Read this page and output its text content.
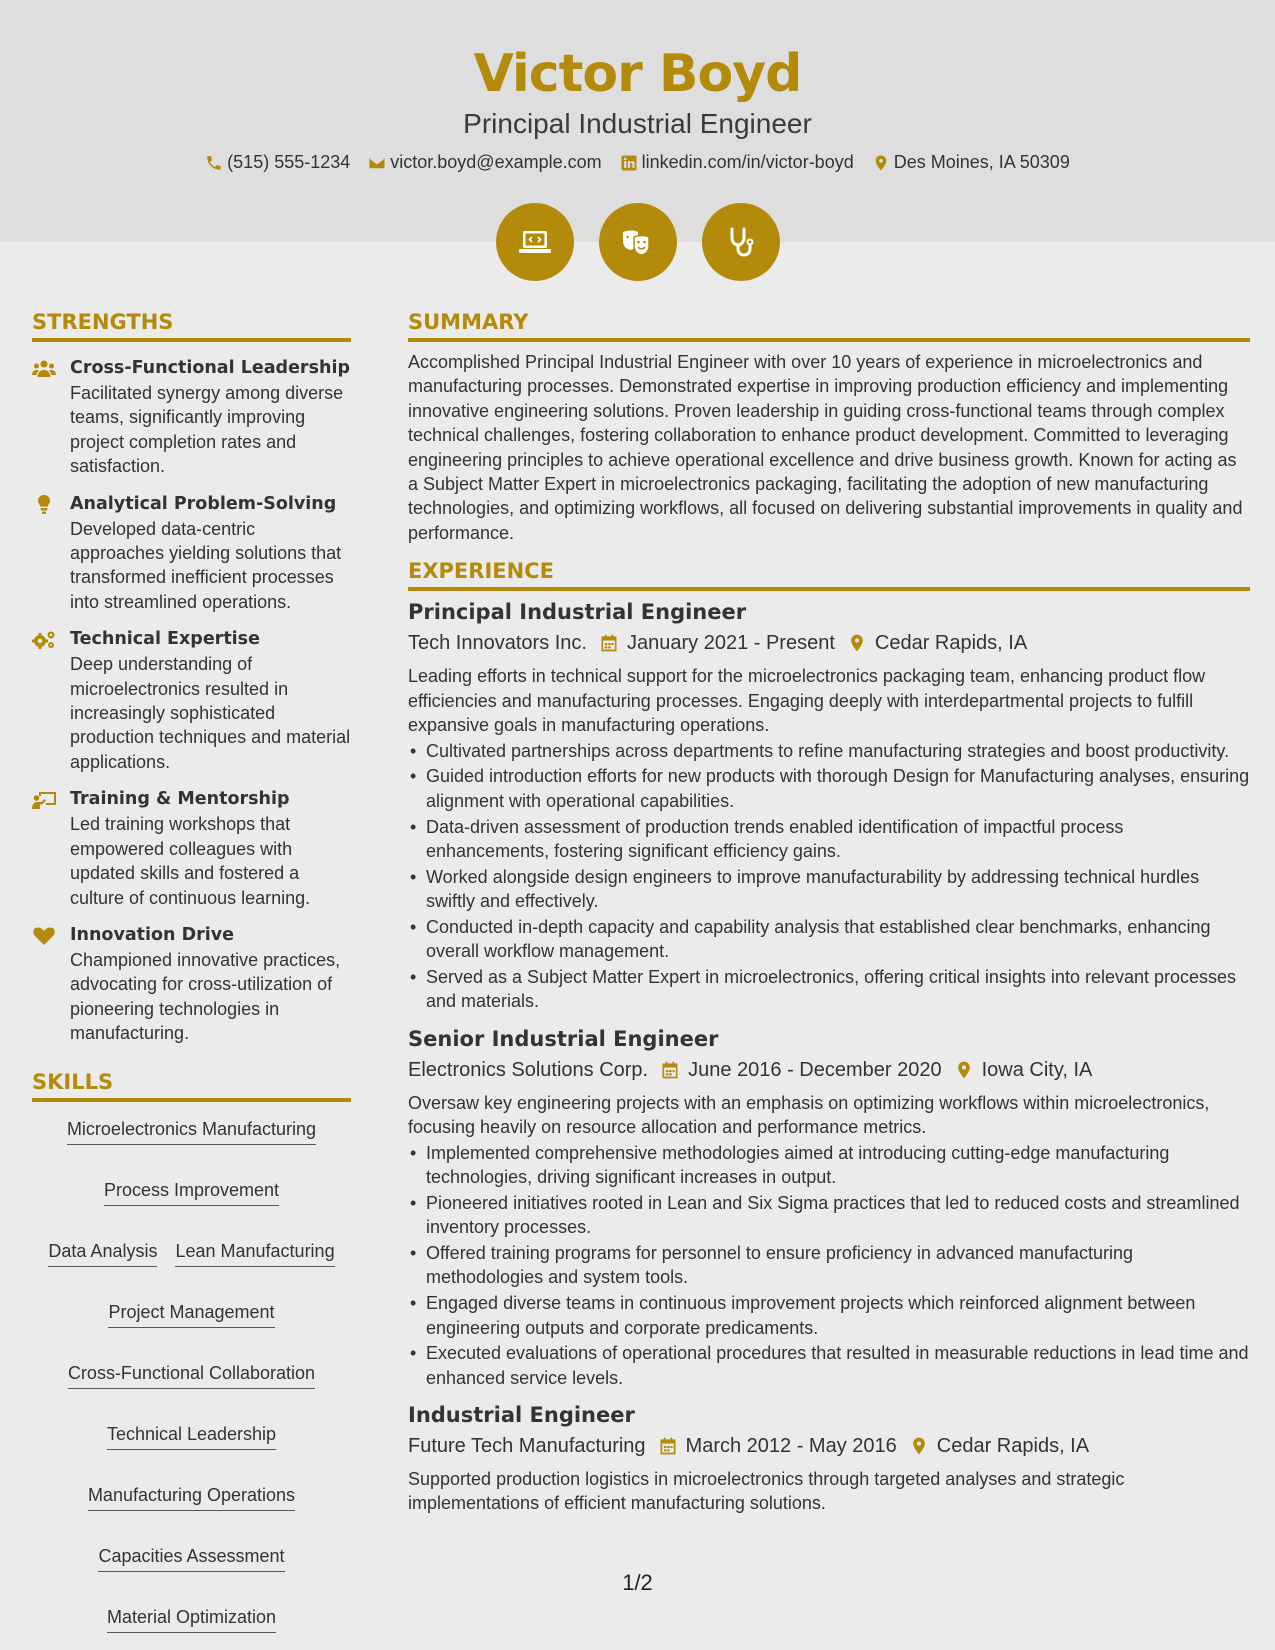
Victor Boyd
Principal Industrial Engineer
(515) 555-1234 victor.boyd@example.com linkedin.com/in/victor-boyd Des Moines, IA 50309
STRENGTHS
Cross-Functional Leadership
Facilitated synergy among diverse teams, significantly improving project completion rates and satisfaction.
Analytical Problem-Solving
Developed data-centric approaches yielding solutions that transformed inefficient processes into streamlined operations.
Technical Expertise
Deep understanding of microelectronics resulted in increasingly sophisticated production techniques and material applications.
Training & Mentorship
Led training workshops that empowered colleagues with updated skills and fostered a culture of continuous learning.
Innovation Drive
Championed innovative practices, advocating for cross-utilization of pioneering technologies in manufacturing.
SKILLS
Microelectronics Manufacturing
Process Improvement
Data Analysis Lean Manufacturing
Project Management
Cross-Functional Collaboration
Technical Leadership
Manufacturing Operations
Capacities Assessment
Material Optimization
SUMMARY
Accomplished Principal Industrial Engineer with over 10 years of experience in microelectronics and manufacturing processes. Demonstrated expertise in improving production efficiency and implementing innovative engineering solutions. Proven leadership in guiding cross-functional teams through complex technical challenges, fostering collaboration to enhance product development. Committed to leveraging engineering principles to achieve operational excellence and drive business growth. Known for acting as a Subject Matter Expert in microelectronics packaging, facilitating the adoption of new manufacturing technologies, and optimizing workflows, all focused on delivering substantial improvements in quality and performance.
EXPERIENCE
Principal Industrial Engineer
Tech Innovators Inc. January 2021 - Present Cedar Rapids, IA
Leading efforts in technical support for the microelectronics packaging team, enhancing product flow efficiencies and manufacturing processes. Engaging deeply with interdepartmental projects to fulfill expansive goals in manufacturing operations.
• Cultivated partnerships across departments to refine manufacturing strategies and boost productivity.
• Guided introduction efforts for new products with thorough Design for Manufacturing analyses, ensuring alignment with operational capabilities.
• Data-driven assessment of production trends enabled identification of impactful process enhancements, fostering significant efficiency gains.
• Worked alongside design engineers to improve manufacturability by addressing technical hurdles swiftly and effectively.
• Conducted in-depth capacity and capability analysis that established clear benchmarks, enhancing overall workflow management.
• Served as a Subject Matter Expert in microelectronics, offering critical insights into relevant processes and materials.
Senior Industrial Engineer
Electronics Solutions Corp. June 2016 - December 2020 Iowa City, IA
Oversaw key engineering projects with an emphasis on optimizing workflows within microelectronics, focusing heavily on resource allocation and performance metrics.
• Implemented comprehensive methodologies aimed at introducing cutting-edge manufacturing technologies, driving significant increases in output.
• Pioneered initiatives rooted in Lean and Six Sigma practices that led to reduced costs and streamlined inventory processes.
• Offered training programs for personnel to ensure proficiency in advanced manufacturing methodologies and system tools.
• Engaged diverse teams in continuous improvement projects which reinforced alignment between engineering outputs and corporate predicaments.
• Executed evaluations of operational procedures that resulted in measurable reductions in lead time and enhanced service levels.
Industrial Engineer
Future Tech Manufacturing March 2012 - May 2016 Cedar Rapids, IA
Supported production logistics in microelectronics through targeted analyses and strategic implementations of efficient manufacturing solutions.
1/2
